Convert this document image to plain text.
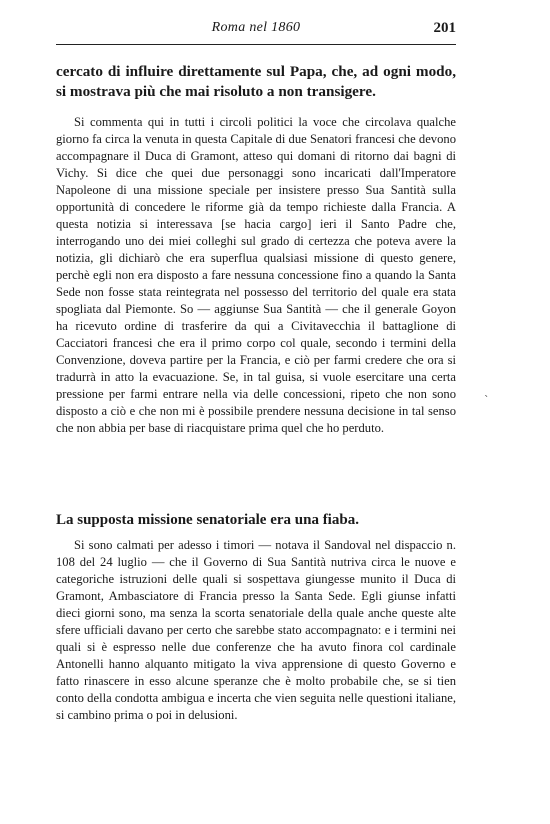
Roma nel 1860	201

cercato di influire direttamente sul Papa, che, ad ogni modo, si mostrava più che mai risoluto a non transigere.

Si commenta qui in tutti i circoli politici la voce che circolava qualche giorno fa circa la venuta in questa Capitale di due Senatori francesi che devono accompagnare il Duca di Gramont, atteso qui domani di ritorno dai bagni di Vichy. Si dice che quei due personaggi sono incaricati dall'Imperatore Napoleone di una missione speciale per insistere presso Sua Santità sulla opportunità di concedere le riforme già da tempo richieste dalla Francia. A questa notizia si interessava [se hacia cargo] ieri il Santo Padre che, interrogando uno dei miei colleghi sul grado di certezza che poteva avere la notizia, gli dichiarò che era superflua qualsiasi missione di questo genere, perchè egli non era disposto a fare nessuna concessione fino a quando la Santa Sede non fosse stata reintegrata nel possesso del territorio del quale era stata spogliata dal Piemonte. So — aggiunse Sua Santità — che il generale Goyon ha ricevuto ordine di trasferire da qui a Civitavecchia il battaglione di Cacciatori francesi che era il primo corpo col quale, secondo i termini della Convenzione, doveva partire per la Francia, e ciò per farmi credere che ora si tradurrà in atto la evacuazione. Se, in tal guisa, si vuole esercitare una certa pressione per farmi entrare nella via delle concessioni, ripeto che non sono disposto a ciò e che non mi è possibile prendere nessuna decisione in tal senso che non abbia per base di riacquistare prima quel che ho perduto.

La supposta missione senatoriale era una fiaba.

Si sono calmati per adesso i timori — notava il Sandoval nel dispaccio n. 108 del 24 luglio — che il Governo di Sua Santità nutriva circa le nuove e categoriche istruzioni delle quali si sospettava giungesse munito il Duca di Gramont, Ambasciatore di Francia presso la Santa Sede. Egli giunse infatti dieci giorni sono, ma senza la scorta senatoriale della quale anche queste alte sfere ufficiali davano per certo che sarebbe stato accompagnato: e i termini nei quali si è espresso nelle due conferenze che ha avuto finora col cardinale Antonelli hanno alquanto mitigato la viva apprensione di questo Governo e fatto rinascere in esso alcune speranze che è molto probabile che, se si tien conto della condotta ambigua e incerta che vien seguita nelle questioni italiane, si cambino prima o poi in delusioni.

`
